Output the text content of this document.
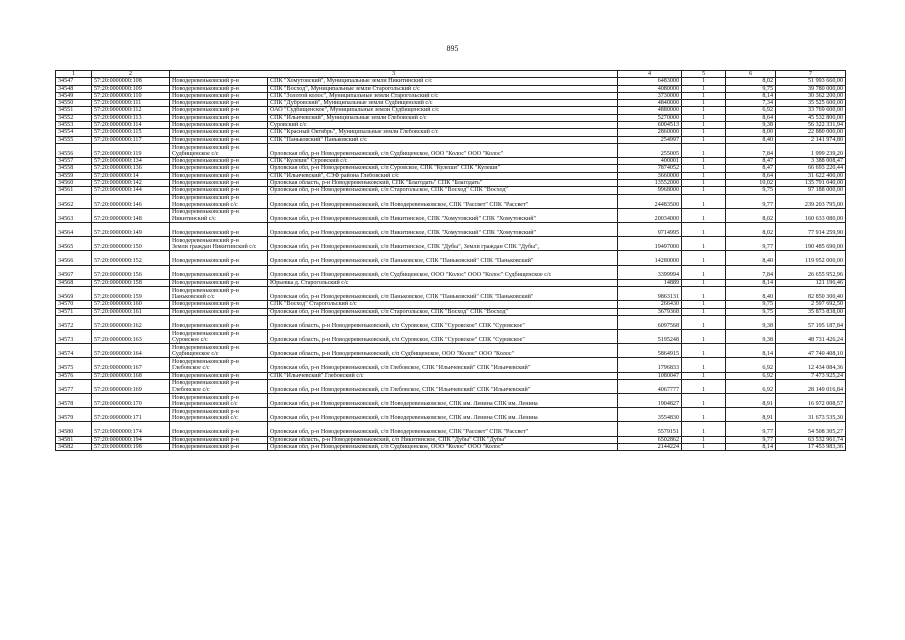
895
1	2	3		4	5	6	7
34547	57:20:0000000:108	Новодеревеньковский р-н	СПК "Хомутовский", Муниципальные земли Никитинский с/с	6483000	1	8,02	51 993 660,00
34548	57:20:0000000:109	Новодеревеньковский р-н	СПК "Восход", Муниципальные земли Старогольский с/с	4080000	1	9,75	39 780 000,00
34549	57:20:0000000:110	Новодеревеньковский р-н	СПК "Золотой колос", Муниципальные земли Старогольский с/с	3730000	1	8,14	30 362 200,00
34550	57:20:0000000:111	Новодеревеньковский р-н	СПК "Дубровский", Муниципальные земли Судбищенский с/с	4840000	1	7,34	35 525 600,00
34551	57:20:0000000:112	Новодеревеньковский р-н	ОАО "Судбищенское", Муниципальные земли Судбищенский с/с	4880000	1	6,92	33 769 600,00
34552	57:20:0000000:113	Новодеревеньковский р-н	СПК "Ильичевский", Муниципальные земли Глебовский с/с	5270000	1	8,64	45 532 800,00
34553	57:20:0000000:114	Новодеревеньковский р-н	Суровский с/с	6004513	1	9,38	56 322 331,94
34554	57:20:0000000:115	Новодеревеньковский р-н	СПК "Красный Октябрь", Муниципальные земли Глебовский с/с	2860000	1	8,00	22 880 000,00
34555	57:20:0000000:117	Новодеревеньковский р-н	СПК "Паньковский" Паньковский с/с	254997	1	8,40	2 141 974,80
34556	57:20:0000000:119	Новодеревеньковский р-н
Судбищенское с/с	Орловская обл, р-н Новодеревеньковский, с/п Судбищенское, ООО "Колос" ООО "Колос"	255005	1	7,84	1 999 239,20
34557	57:20:0000000:134	Новодеревеньковский р-н	СПК "Кулеши" Суровский с/с	400001	1	8,47	3 388 008,47
34558	57:20:0000000:136	Новодеревеньковский р-н	Орловская обл, р-н Новодеревеньковский, с/п Суровское, СПК "Кулеши" СПК "Кулеши"	7874052	1	8,47	66 693 220,44
34559	57:20:0000000:14	Новодеревеньковский р-н	СПК "Ильичевский", СЭФ района Глебовский с/с	3660000	1	8,64	31 622 400,00
34560	57:20:0000000:142	Новодеревеньковский р-н	Орловская область, р-н Новодеревеньковский, СПК "Благодать" СПК "Благодать"	13552000	1	10,02	135 791 040,00
34561	57:20:0000000:144	Новодеревеньковский р-н	Орловская обл, р-н Новодеревеньковский, с/п Старогольское, СПК "Восход" СПК "Восход"	9968000	1	9,75	97 188 000,00
34562	57:20:0000000:146	Новодеревеньковский р-н
Новодеревеньковский с/с	Орловская обл, р-н Новодеревеньковский, с/п Новодеревеньковское, СПК "Рассвет" СПК "Рассвет"	24483500	1	9,77	239 203 795,00
34563	57:20:0000000:148	Новодеревеньковский р-н
Никитинский с/с	Орловская обл, р-н Новодеревеньковский, с/п Никитинское, СПК "Хомутовский" СПК "Хомутовский"	20034000	1	8,02	160 633 080,00
34564	57:20:0000000:149	Новодеревеньковский р-н	Орловская обл, р-н Новодеревеньковский, с/п Никитинское, СПК "Хомутовский" СПК "Хомутовский"	9714995	1	8,02	77 914 259,90
34565	57:20:0000000:150	Новодеревеньковский р-н
Земли граждан Никитинский с/с	Орловская обл, р-н Новодеревеньковский, с/п Никитинское, СПК "Дубы", Земли граждан СПК "Дубы",	19497000	1	9,77	190 485 690,00
34566	57:20:0000000:152	Новодеревеньковский р-н	Орловская обл, р-н Новодеревеньковский, с/п Паньковское, СПК "Паньковский" СПК "Паньковский"	14280000	1	8,40	119 952 000,00
34567	57:20:0000000:156	Новодеревеньковский р-н	Орловская обл, р-н Новодеревеньковский, с/п Судбищенское, ООО "Колос" ООО "Колос" Судбищенское с/с	3399994	1	7,84	26 655 952,96
34568	57:20:0000000:158	Новодеревеньковский р-н	Юрьевка д. Старогольский с/с	14889	1	8,14	121 196,46
34569	57:20:0000000:159	Новодеревеньковский р-н
Паньковский с/с	Орловская обл, р-н Новодеревеньковский, с/п Паньковское, СПК "Паньковский" СПК "Паньковский"	9863131	1	8,40	82 850 300,40
34570	57:20:0000000:160	Новодеревеньковский р-н	СПК "Восход" Старогольский с/с	266430	1	9,75	2 597 692,50
34571	57:20:0000000:161	Новодеревеньковский р-н	Орловская обл, р-н Новодеревеньковский, с/п Старогольское, СПК "Восход" СПК "Восход"	3679368	1	9,75	35 873 838,00
34572	57:20:0000000:162	Новодеревеньковский р-н	Орловская область, р-н Новодеревеньковский, с/п Суровское, СПК "Суровское" СПК "Суровское"	6097568	1	9,38	57 195 187,84
34573	57:20:0000000:163	Новодеревеньковский р-н
Суровское с/с	Орловская область, р-н Новодеревеньковский, с/п Суровское, СПК "Суровское" СПК "Суровское"	5195248	1	9,38	48 731 426,24
34574	57:20:0000000:164	Новодеревеньковский р-н
Судбищенское с/с	Орловская область, р-н Новодеревеньковский, с/п Судбищенское, ООО "Колос" ООО "Колос"	5864915	1	8,14	47 740 408,10
34575	57:20:0000000:167	Новодеревеньковский р-н
Глебовское с/с	Орловская обл, р-н Новодеревеньковский, с/п Глебовское, СПК "Ильичевский" СПК "Ильичевский"	1796833	1	6,92	12 434 084,36
34576	57:20:0000000:168	Новодеревеньковский р-н	СПК "Ильичевский" Глебовский с/с	1080047	1	6,92	7 473 925,24
34577	57:20:0000000:169	Новодеревеньковский р-н
Глебовское с/с	Орловская обл, р-н Новодеревеньковский, с/п Глебовское, СПК "Ильичевский" СПК "Ильичевский"	4067777	1	6,92	28 149 016,84
34578	57:20:0000000:170	Новодеревеньковский р-н
Новодеревеньковский с/с	Орловская обл, р-н Новодеревеньковский, с/п Новодеревеньковское, СПК им. Ленина СПК им. Ленина	1904827	1	8,91	16 972 008,57
34579	57:20:0000000:171	Новодеревеньковский р-н
Новодеревеньковский с/с	Орловская обл, р-н Новодеревеньковский, с/п Новодеревеньковское, СПК им. Ленина СПК им. Ленина	3554830	1	8,91	31 673 535,30
34580	57:20:0000000:174	Новодеревеньковский р-н	Орловская обл, р-н Новодеревеньковский, с/п Новодеревеньковское, СПК "Рассвет" СПК "Рассвет"	5579151	1	9,77	54 508 305,27
34581	57:20:0000000:194	Новодеревеньковский р-н	Орловская область, р-н Новодеревеньковский, с/п Никитинское, СПК "Дубы" СПК "Дубы"	6502862	1	9,77	63 532 961,74
34582	57:20:0000000:198	Новодеревеньковский р-н	Орловская обл, р-н Новодеревеньковский, с/п Судбищенское, ООО "Колос" ООО "Колос"	2144224	1	8,14	17 453 983,36
